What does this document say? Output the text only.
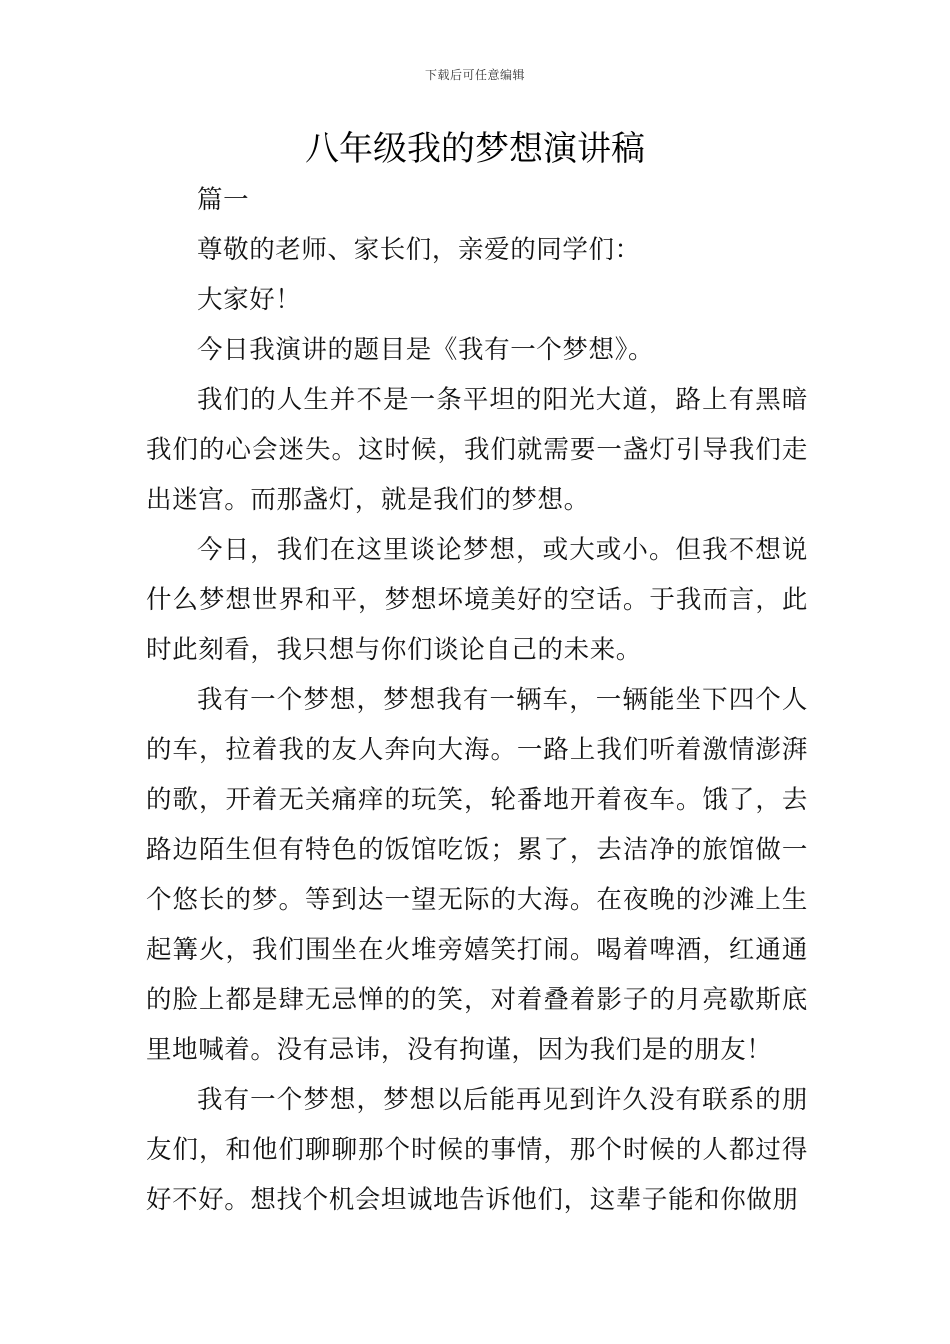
下载后可任意编辑
八年级我的梦想演讲稿

篇一

尊敬的老师、家长们，亲爱的同学们：

大家好！

今日我演讲的题目是《我有一个梦想》。

我们的人生并不是一条平坦的阳光大道，路上有黑暗我们的心会迷失。这时候，我们就需要一盏灯引导我们走出迷宫。而那盏灯，就是我们的梦想。

今日，我们在这里谈论梦想，或大或小。但我不想说什么梦想世界和平，梦想坏境美好的空话。于我而言，此时此刻看，我只想与你们谈论自己的未来。

我有一个梦想，梦想我有一辆车，一辆能坐下四个人的车，拉着我的友人奔向大海。一路上我们听着激情澎湃的歌，开着无关痛痒的玩笑，轮番地开着夜车。饿了，去路边陌生但有特色的饭馆吃饭；累了，去洁净的旅馆做一个悠长的梦。等到达一望无际的大海。在夜晚的沙滩上生起篝火，我们围坐在火堆旁嬉笑打闹。喝着啤酒，红通通的脸上都是肆无忌惮的的笑，对着叠着影子的月亮歇斯底里地喊着。没有忌讳，没有拘谨，因为我们是的朋友！

我有一个梦想，梦想以后能再见到许久没有联系的朋友们，和他们聊聊那个时候的事情，那个时候的人都过得好不好。想找个机会坦诚地告诉他们，这辈子能和你做朋
